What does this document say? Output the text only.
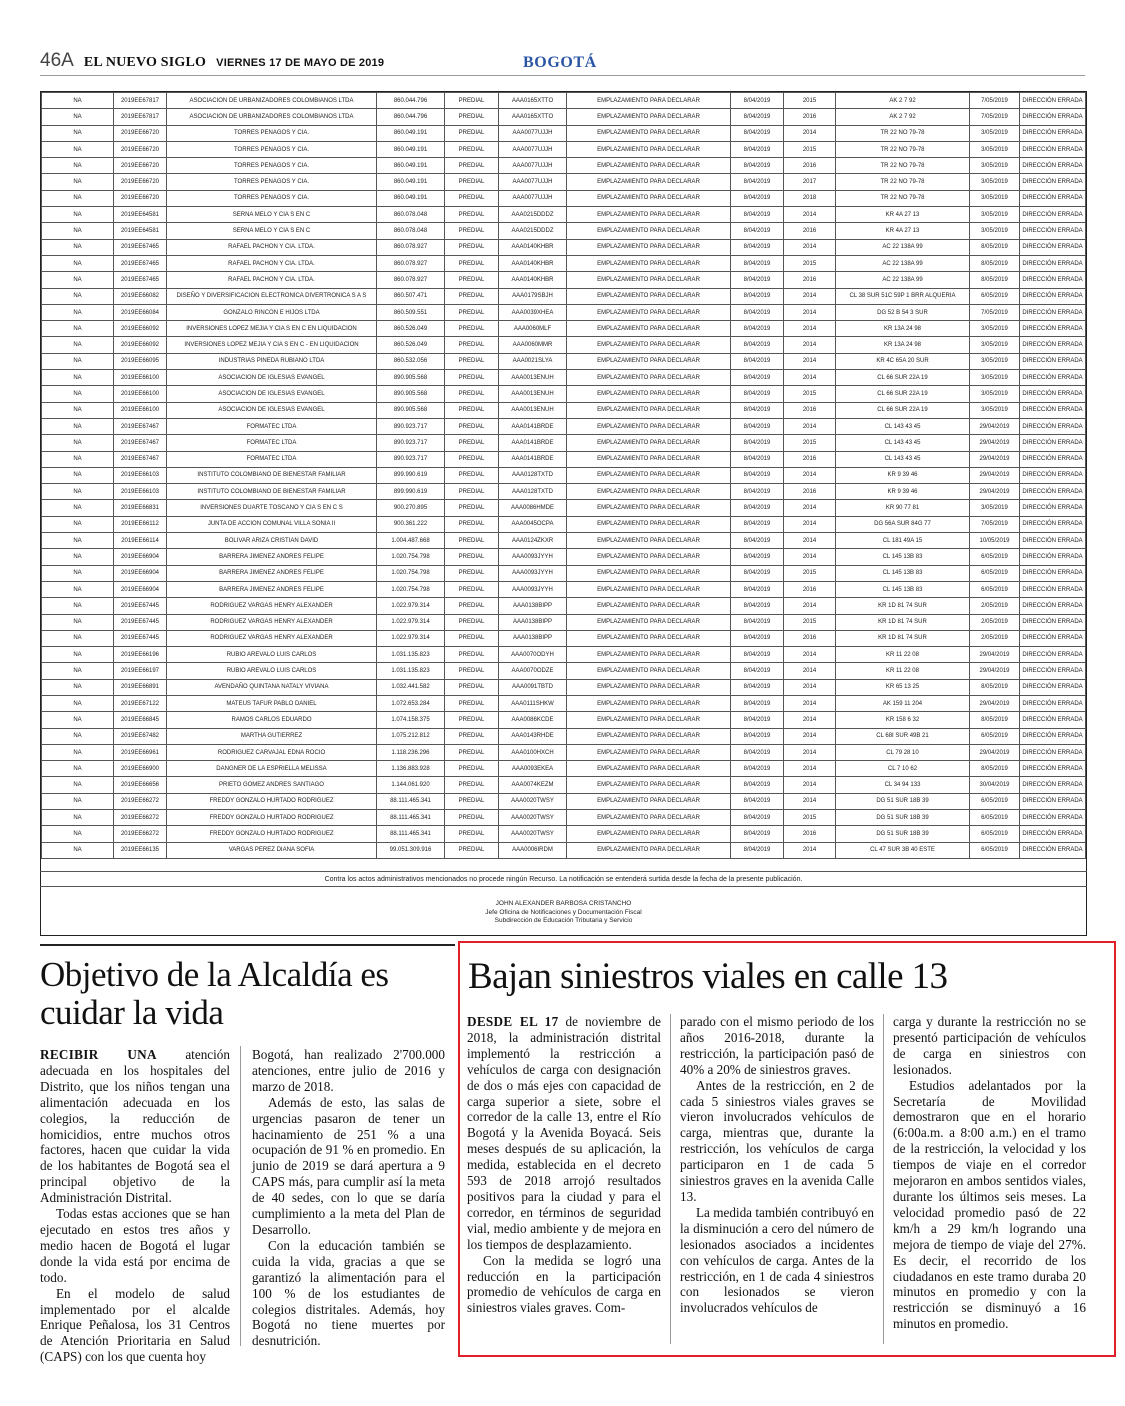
46A EL NUEVO SIGLO VIERNES 17 DE MAYO DE 2019	BOGOTÁ
NA	2019EE67817	ASOCIACION DE URBANIZADORES COLOMBIANOS LTDA	860.044.796	PREDIAL	AAA0165XTTO	EMPLAZAMIENTO PARA DECLARAR	8/04/2019	2015	AK 2 7 92	7/05/2019	DIRECCIÓN ERRADA
NA	2019EE67817	ASOCIACION DE URBANIZADORES COLOMBIANOS LTDA	860.044.796	PREDIAL	AAA0165XTTO	EMPLAZAMIENTO PARA DECLARAR	8/04/2019	2016	AK 2 7 92	7/05/2019	DIRECCIÓN ERRADA
NA	2019EE66720	TORRES PENAGOS Y CIA.	860.049.191	PREDIAL	AAA0077UJJH	EMPLAZAMIENTO PARA DECLARAR	8/04/2019	2014	TR 22 NO 79-78	3/05/2019	DIRECCIÓN ERRADA
NA	2019EE66720	TORRES PENAGOS Y CIA.	860.049.191	PREDIAL	AAA0077UJJH	EMPLAZAMIENTO PARA DECLARAR	8/04/2019	2015	TR 22 NO 79-78	3/05/2019	DIRECCIÓN ERRADA
NA	2019EE66720	TORRES PENAGOS Y CIA.	860.049.191	PREDIAL	AAA0077UJJH	EMPLAZAMIENTO PARA DECLARAR	8/04/2019	2016	TR 22 NO 79-78	3/05/2019	DIRECCIÓN ERRADA
NA	2019EE66720	TORRES PENAGOS Y CIA.	860.049.191	PREDIAL	AAA0077UJJH	EMPLAZAMIENTO PARA DECLARAR	8/04/2019	2017	TR 22 NO 79-78	3/05/2019	DIRECCIÓN ERRADA
NA	2019EE66720	TORRES PENAGOS Y CIA.	860.049.191	PREDIAL	AAA0077UJJH	EMPLAZAMIENTO PARA DECLARAR	8/04/2019	2018	TR 22 NO 79-78	3/05/2019	DIRECCIÓN ERRADA
NA	2019EE64581	SERNA MELO Y CIA S EN C	860.078.048	PREDIAL	AAA0215DDDZ	EMPLAZAMIENTO PARA DECLARAR	8/04/2019	2014	KR 4A 27 13	3/05/2019	DIRECCIÓN ERRADA
NA	2019EE64581	SERNA MELO Y CIA S EN C	860.078.048	PREDIAL	AAA0215DDDZ	EMPLAZAMIENTO PARA DECLARAR	8/04/2019	2016	KR 4A 27 13	3/05/2019	DIRECCIÓN ERRADA
NA	2019EE67465	RAFAEL PACHON Y CIA. LTDA.	860.078.927	PREDIAL	AAA0140KHBR	EMPLAZAMIENTO PARA DECLARAR	8/04/2019	2014	AC 22 138A 99	8/05/2019	DIRECCIÓN ERRADA
NA	2019EE67465	RAFAEL PACHON Y CIA. LTDA.	860.078.927	PREDIAL	AAA0140KHBR	EMPLAZAMIENTO PARA DECLARAR	8/04/2019	2015	AC 22 138A 99	8/05/2019	DIRECCIÓN ERRADA
NA	2019EE67465	RAFAEL PACHON Y CIA. LTDA.	860.078.927	PREDIAL	AAA0140KHBR	EMPLAZAMIENTO PARA DECLARAR	8/04/2019	2016	AC 22 138A 99	8/05/2019	DIRECCIÓN ERRADA
NA	2019EE66082	DISEÑO Y DIVERSIFICACION ELECTRONICA DIVERTRONICA S A S	860.507.471	PREDIAL	AAA0179SBJH	EMPLAZAMIENTO PARA DECLARAR	8/04/2019	2014	CL 38 SUR 51C 59P 1 BRR ALQUERIA	6/05/2019	DIRECCIÓN ERRADA
NA	2019EE66084	GONZALO RINCON E HIJOS LTDA	860.509.551	PREDIAL	AAA0039XHEA	EMPLAZAMIENTO PARA DECLARAR	8/04/2019	2014	DG 52 B 54 3 SUR	7/05/2019	DIRECCIÓN ERRADA
NA	2019EE66092	INVERSIONES LOPEZ MEJIA Y CIA S EN C EN LIQUIDACION	860.526.049	PREDIAL	AAA0060MLF	EMPLAZAMIENTO PARA DECLARAR	8/04/2019	2014	KR 13A 24 98	3/05/2019	DIRECCIÓN ERRADA
NA	2019EE66092	INVERSIONES LOPEZ MEJIA Y CIA S EN C - EN LIQUIDACION	860.526.049	PREDIAL	AAA0060MMR	EMPLAZAMIENTO PARA DECLARAR	8/04/2019	2014	KR 13A 24 98	3/05/2019	DIRECCIÓN ERRADA
NA	2019EE66095	INDUSTRIAS PINEDA RUBIANO LTDA	860.532.056	PREDIAL	AAA0021SLYA	EMPLAZAMIENTO PARA DECLARAR	8/04/2019	2014	KR 4C 65A 20 SUR	3/05/2019	DIRECCIÓN ERRADA
NA	2019EE66100	ASOCIACION DE IGLESIAS EVANGEL	890.905.568	PREDIAL	AAA0013ENUH	EMPLAZAMIENTO PARA DECLARAR	8/04/2019	2014	CL 66 SUR 22A 19	3/05/2019	DIRECCIÓN ERRADA
NA	2019EE66100	ASOCIACION DE IGLESIAS EVANGEL	890.905.568	PREDIAL	AAA0013ENUH	EMPLAZAMIENTO PARA DECLARAR	8/04/2019	2015	CL 66 SUR 22A 19	3/05/2019	DIRECCIÓN ERRADA
NA	2019EE66100	ASOCIACION DE IGLESIAS EVANGEL	890.905.568	PREDIAL	AAA0013ENUH	EMPLAZAMIENTO PARA DECLARAR	8/04/2019	2016	CL 66 SUR 22A 19	3/05/2019	DIRECCIÓN ERRADA
NA	2019EE67467	FORMATEC LTDA	890.923.717	PREDIAL	AAA0141BRDE	EMPLAZAMIENTO PARA DECLARAR	8/04/2019	2014	CL 143 43 45	29/04/2019	DIRECCIÓN ERRADA
NA	2019EE67467	FORMATEC LTDA	890.923.717	PREDIAL	AAA0141BRDE	EMPLAZAMIENTO PARA DECLARAR	8/04/2019	2015	CL 143 43 45	29/04/2019	DIRECCIÓN ERRADA
NA	2019EE67467	FORMATEC LTDA	890.923.717	PREDIAL	AAA0141BRDE	EMPLAZAMIENTO PARA DECLARAR	8/04/2019	2016	CL 143 43 45	29/04/2019	DIRECCIÓN ERRADA
NA	2019EE66103	INSTITUTO COLOMBIANO DE BIENESTAR FAMILIAR	899.990.619	PREDIAL	AAA0128TXTD	EMPLAZAMIENTO PARA DECLARAR	8/04/2019	2014	KR 9 39 46	29/04/2019	DIRECCIÓN ERRADA
NA	2019EE66103	INSTITUTO COLOMBIANO DE BIENESTAR FAMILIAR	899.990.619	PREDIAL	AAA0128TXTD	EMPLAZAMIENTO PARA DECLARAR	8/04/2019	2016	KR 9 39 46	29/04/2019	DIRECCIÓN ERRADA
NA	2019EE66831	INVERSIONES DUARTE TOSCANO Y CIA S EN C S	900.270.895	PREDIAL	AAA0086HMDE	EMPLAZAMIENTO PARA DECLARAR	8/04/2019	2014	KR 90 77 81	3/05/2019	DIRECCIÓN ERRADA
NA	2019EE66112	JUNTA DE ACCION COMUNAL VILLA SONIA II	900.361.222	PREDIAL	AAA0045OCPA	EMPLAZAMIENTO PARA DECLARAR	8/04/2019	2014	DG 56A SUR 84G 77	7/05/2019	DIRECCIÓN ERRADA
NA	2019EE66114	BOLIVAR ARIZA CRISTIAN DAVID	1.004.487.668	PREDIAL	AAA0124ZKXR	EMPLAZAMIENTO PARA DECLARAR	8/04/2019	2014	CL 181 49A 15	10/05/2019	DIRECCIÓN ERRADA
NA	2019EE66904	BARRERA JIMENEZ ANDRES FELIPE	1.020.754.798	PREDIAL	AAA0093JYYH	EMPLAZAMIENTO PARA DECLARAR	8/04/2019	2014	CL 145 13B 83	6/05/2019	DIRECCIÓN ERRADA
NA	2019EE66904	BARRERA JIMENEZ ANDRES FELIPE	1.020.754.798	PREDIAL	AAA0093JYYH	EMPLAZAMIENTO PARA DECLARAR	8/04/2019	2015	CL 145 13B 83	6/05/2019	DIRECCIÓN ERRADA
NA	2019EE66904	BARRERA JIMENEZ ANDRES FELIPE	1.020.754.798	PREDIAL	AAA0093JYYH	EMPLAZAMIENTO PARA DECLARAR	8/04/2019	2016	CL 145 13B 83	6/05/2019	DIRECCIÓN ERRADA
NA	2019EE67445	RODRIGUEZ VARGAS HENRY ALEXANDER	1.022.979.314	PREDIAL	AAA0138BIPP	EMPLAZAMIENTO PARA DECLARAR	8/04/2019	2014	KR 1D 81 74 SUR	2/05/2019	DIRECCIÓN ERRADA
NA	2019EE67445	RODRIGUEZ VARGAS HENRY ALEXANDER	1.022.979.314	PREDIAL	AAA0138BIPP	EMPLAZAMIENTO PARA DECLARAR	8/04/2019	2015	KR 1D 81 74 SUR	2/05/2019	DIRECCIÓN ERRADA
NA	2019EE67445	RODRIGUEZ VARGAS HENRY ALEXANDER	1.022.979.314	PREDIAL	AAA0138BIPP	EMPLAZAMIENTO PARA DECLARAR	8/04/2019	2016	KR 1D 81 74 SUR	2/05/2019	DIRECCIÓN ERRADA
NA	2019EE66196	RUBIO AREVALO LUIS CARLOS	1.031.135.823	PREDIAL	AAA0070ODYH	EMPLAZAMIENTO PARA DECLARAR	8/04/2019	2014	KR 11 22 08	29/04/2019	DIRECCIÓN ERRADA
NA	2019EE66197	RUBIO AREVALO LUIS CARLOS	1.031.135.823	PREDIAL	AAA0070ODZE	EMPLAZAMIENTO PARA DECLARAR	8/04/2019	2014	KR 11 22 08	29/04/2019	DIRECCIÓN ERRADA
NA	2019EE66891	AVENDAÑO QUINTANA NATALY VIVIANA	1.032.441.582	PREDIAL	AAA0091TBTD	EMPLAZAMIENTO PARA DECLARAR	8/04/2019	2014	KR 65 13 25	8/05/2019	DIRECCIÓN ERRADA
NA	2019EE67122	MATEUS TAFUR PABLO DANIEL	1.072.653.284	PREDIAL	AAA0111SHKW	EMPLAZAMIENTO PARA DECLARAR	8/04/2019	2014	AK 159 11 204	29/04/2019	DIRECCIÓN ERRADA
NA	2019EE66845	RAMOS CARLOS EDUARDO	1.074.158.375	PREDIAL	AAA0086KCDE	EMPLAZAMIENTO PARA DECLARAR	8/04/2019	2014	KR 158 6 32	8/05/2019	DIRECCIÓN ERRADA
NA	2019EE67482	MARTHA GUTIERREZ	1.075.212.812	PREDIAL	AAA0143RHDE	EMPLAZAMIENTO PARA DECLARAR	8/04/2019	2014	CL 68I SUR 49B 21	6/05/2019	DIRECCIÓN ERRADA
NA	2019EE66961	RODRIGUEZ CARVAJAL EDNA ROCIO	1.118.236.296	PREDIAL	AAA0100HXCH	EMPLAZAMIENTO PARA DECLARAR	8/04/2019	2014	CL 79 28 10	29/04/2019	DIRECCIÓN ERRADA
NA	2019EE66900	DANGNER DE LA ESPRIELLA MELISSA	1.136.883.928	PREDIAL	AAA0093EKEA	EMPLAZAMIENTO PARA DECLARAR	8/04/2019	2014	CL 7 10 62	8/05/2019	DIRECCIÓN ERRADA
NA	2019EE66656	PRIETO GOMEZ ANDRES SANTIAGO	1.144.061.920	PREDIAL	AAA0074KEZM	EMPLAZAMIENTO PARA DECLARAR	8/04/2019	2014	CL 34 94 133	30/04/2019	DIRECCIÓN ERRADA
NA	2019EE66272	FREDDY GONZALO HURTADO RODRIGUEZ	88.111.465.341	PREDIAL	AAA0020TWSY	EMPLAZAMIENTO PARA DECLARAR	8/04/2019	2014	DG 51 SUR 18B 39	6/05/2019	DIRECCIÓN ERRADA
NA	2019EE66272	FREDDY GONZALO HURTADO RODRIGUEZ	88.111.465.341	PREDIAL	AAA0020TWSY	EMPLAZAMIENTO PARA DECLARAR	8/04/2019	2015	DG 51 SUR 18B 39	6/05/2019	DIRECCIÓN ERRADA
NA	2019EE66272	FREDDY GONZALO HURTADO RODRIGUEZ	88.111.465.341	PREDIAL	AAA0020TWSY	EMPLAZAMIENTO PARA DECLARAR	8/04/2019	2016	DG 51 SUR 18B 39	6/05/2019	DIRECCIÓN ERRADA
NA	2019EE66135	VARGAS PEREZ DIANA SOFIA	99.051.309.916	PREDIAL	AAA0006IRDM	EMPLAZAMIENTO PARA DECLARAR	8/04/2019	2014	CL 47 SUR 3B 40 ESTE	6/05/2019	DIRECCIÓN ERRADA
Contra los actos administrativos mencionados no procede ningún Recurso. La notificación se entenderá surtida desde la fecha de la presente publicación.
JOHN ALEXANDER BARBOSA CRISTANCHO
Jefe Oficina de Notificaciones y Documentación Fiscal
Subdirección de Educación Tributaria y Servicio
Objetivo de la Alcaldía es cuidar la vida

RECIBIR UNA atención adecuada en los hospitales del Distrito, que los niños tengan una alimentación adecuada en los colegios, la reducción de homicidios, entre muchos otros factores, hacen que cuidar la vida de los habitantes de Bogotá sea el principal objetivo de la Administración Distrital.

Todas estas acciones que se han ejecutado en estos tres años y medio hacen de Bogotá el lugar donde la vida está por encima de todo.

En el modelo de salud implementado por el alcalde Enrique Peñalosa, los 31 Centros de Atención Prioritaria en Salud (CAPS) con los que cuenta hoy

Bogotá, han realizado 2'700.000 atenciones, entre julio de 2016 y marzo de 2018.

Además de esto, las salas de urgencias pasaron de tener un hacinamiento de 251 % a una ocupación de 91 % en promedio. En junio de 2019 se dará apertura a 9 CAPS más, para cumplir así la meta de 40 sedes, con lo que se daría cumplimiento a la meta del Plan de Desarrollo.

Con la educación también se cuida la vida, gracias a que se garantizó la alimentación para el 100 % de los estudiantes de colegios distritales. Además, hoy Bogotá no tiene muertes por desnutrición.

Bajan siniestros viales en calle 13

DESDE EL 17 de noviembre de 2018, la administración distrital implementó la restricción a vehículos de carga con designación de dos o más ejes con capacidad de carga superior a siete, sobre el corredor de la calle 13, entre el Río Bogotá y la Avenida Boyacá. Seis meses después de su aplicación, la medida, establecida en el decreto 593 de 2018 arrojó resultados positivos para la ciudad y para el corredor, en términos de seguridad vial, medio ambiente y de mejora en los tiempos de desplazamiento.

Con la medida se logró una reducción en la participación promedio de vehículos de carga en siniestros viales graves. Com-

parado con el mismo periodo de los años 2016-2018, durante la restricción, la participación pasó de 40% a 20% de siniestros graves.

Antes de la restricción, en 2 de cada 5 siniestros viales graves se vieron involucrados vehículos de carga, mientras que, durante la restricción, los vehículos de carga participaron en 1 de cada 5 siniestros graves en la avenida Calle 13.

La medida también contribuyó en la disminución a cero del número de lesionados asociados a incidentes con vehículos de carga. Antes de la restricción, en 1 de cada 4 siniestros con lesionados se vieron involucrados vehículos de

carga y durante la restricción no se presentó participación de vehículos de carga en siniestros con lesionados.

Estudios adelantados por la Secretaría de Movilidad demostraron que en el horario (6:00a.m. a 8:00 a.m.) en el tramo de la restricción, la velocidad y los tiempos de viaje en el corredor mejoraron en ambos sentidos viales, durante los últimos seis meses. La velocidad promedio pasó de 22 km/h a 29 km/h logrando una mejora de tiempo de viaje del 27%. Es decir, el recorrido de los ciudadanos en este tramo duraba 20 minutos en promedio y con la restricción se disminuyó a 16 minutos en promedio.
